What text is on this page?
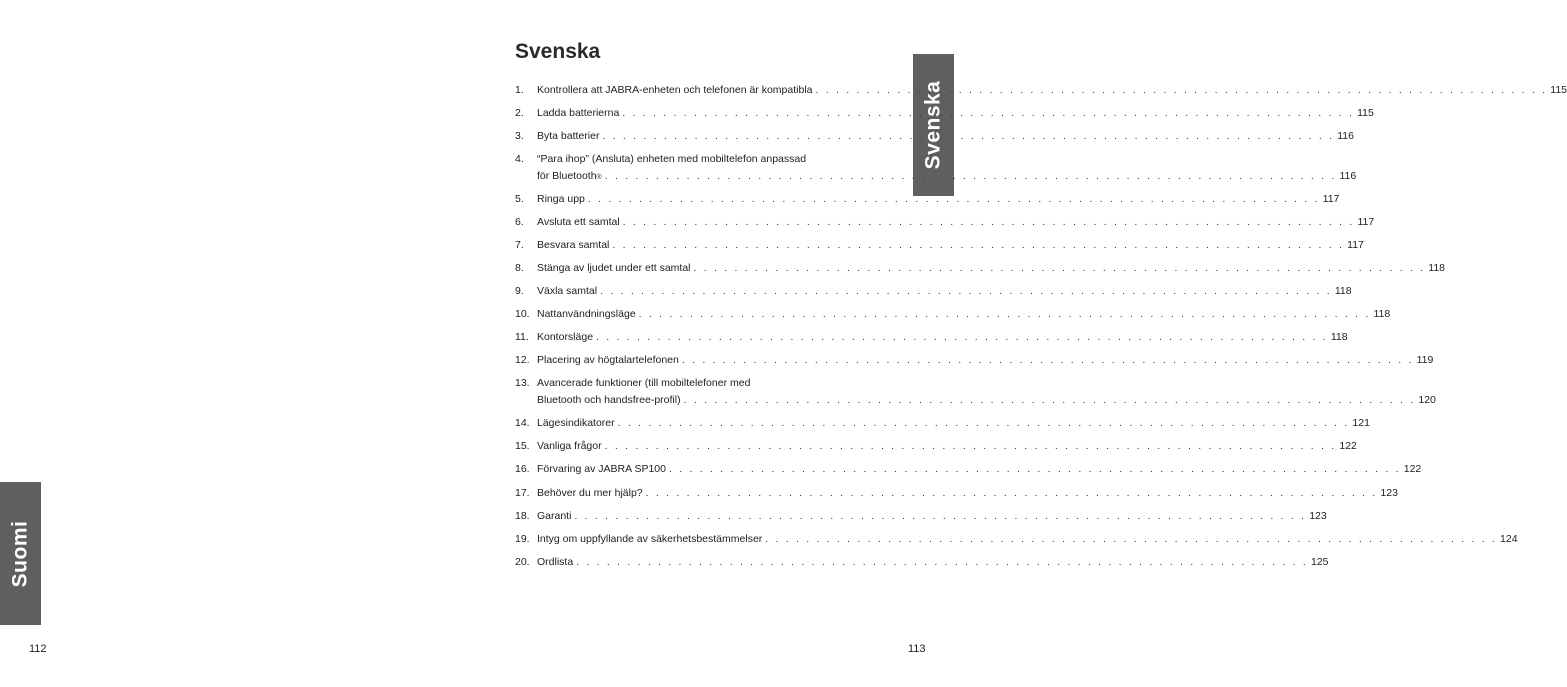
Suomi
112
Svenska
Svenska
1. Kontrollera att JABRA-enheten och telefonen är kompatibla . . . . . . . . . . . . . . . . . . . . . . . . . . . . . . . . . . . . . . . . . . . . . . . . . . . . . . . . . . . . . . . . . . . . . . . . 115
2. Ladda batterierna . . . . . . . . . . . . . . . . . . . . . . . . . . . . . . . . . . . . . . . . . . . . . . . . . . . . . . . . . . . . . . . . . . . . . . . . 115
3. Byta batterier . . . . . . . . . . . . . . . . . . . . . . . . . . . . . . . . . . . . . . . . . . . . . . . . . . . . . . . . . . . . . . . . . . . . . . . . 116
4. “Para ihop” (Ansluta) enheten med mobiltelefon anpassad
för Bluetooth ® . . . . . . . . . . . . . . . . . . . . . . . . . . . . . . . . . . . . . . . . . . . . . . . . . . . . . . . . . . . . . . . . . . . . . . . . 116
5. Ringa upp . . . . . . . . . . . . . . . . . . . . . . . . . . . . . . . . . . . . . . . . . . . . . . . . . . . . . . . . . . . . . . . . . . . . . . . . 117
6. Avsluta ett samtal . . . . . . . . . . . . . . . . . . . . . . . . . . . . . . . . . . . . . . . . . . . . . . . . . . . . . . . . . . . . . . . . . . . . . . . . 117
7. Besvara samtal . . . . . . . . . . . . . . . . . . . . . . . . . . . . . . . . . . . . . . . . . . . . . . . . . . . . . . . . . . . . . . . . . . . . . . . . 117
8. Stänga av ljudet under ett samtal . . . . . . . . . . . . . . . . . . . . . . . . . . . . . . . . . . . . . . . . . . . . . . . . . . . . . . . . . . . . . . . . . . . . . . . . 118
9. Växla samtal . . . . . . . . . . . . . . . . . . . . . . . . . . . . . . . . . . . . . . . . . . . . . . . . . . . . . . . . . . . . . . . . . . . . . . . . 118
10. Nattanvändningsläge . . . . . . . . . . . . . . . . . . . . . . . . . . . . . . . . . . . . . . . . . . . . . . . . . . . . . . . . . . . . . . . . . . . . . . . . 118
11. Kontorsläge . . . . . . . . . . . . . . . . . . . . . . . . . . . . . . . . . . . . . . . . . . . . . . . . . . . . . . . . . . . . . . . . . . . . . . . . 118
12. Placering av högtalartelefonen . . . . . . . . . . . . . . . . . . . . . . . . . . . . . . . . . . . . . . . . . . . . . . . . . . . . . . . . . . . . . . . . . . . . . . . . 119
13. Avancerade funktioner (till mobiltelefoner med
Bluetooth och handsfree-profil) . . . . . . . . . . . . . . . . . . . . . . . . . . . . . . . . . . . . . . . . . . . . . . . . . . . . . . . . . . . . . . . . . . . . . . . . 120
14. Lägesindikatorer . . . . . . . . . . . . . . . . . . . . . . . . . . . . . . . . . . . . . . . . . . . . . . . . . . . . . . . . . . . . . . . . . . . . . . . . 121
15. Vanliga frågor . . . . . . . . . . . . . . . . . . . . . . . . . . . . . . . . . . . . . . . . . . . . . . . . . . . . . . . . . . . . . . . . . . . . . . . . 122
16. Förvaring av JABRA SP100 . . . . . . . . . . . . . . . . . . . . . . . . . . . . . . . . . . . . . . . . . . . . . . . . . . . . . . . . . . . . . . . . . . . . . . . . 122
17. Behöver du mer hjälp? . . . . . . . . . . . . . . . . . . . . . . . . . . . . . . . . . . . . . . . . . . . . . . . . . . . . . . . . . . . . . . . . . . . . . . . . 123
18. Garanti . . . . . . . . . . . . . . . . . . . . . . . . . . . . . . . . . . . . . . . . . . . . . . . . . . . . . . . . . . . . . . . . . . . . . . . . 123
19. Intyg om uppfyllande av säkerhetsbestämmelser . . . . . . . . . . . . . . . . . . . . . . . . . . . . . . . . . . . . . . . . . . . . . . . . . . . . . . . . . . . . . . . . . . . . . . . . 124
20. Ordlista . . . . . . . . . . . . . . . . . . . . . . . . . . . . . . . . . . . . . . . . . . . . . . . . . . . . . . . . . . . . . . . . . . . . . . . . 125
113
